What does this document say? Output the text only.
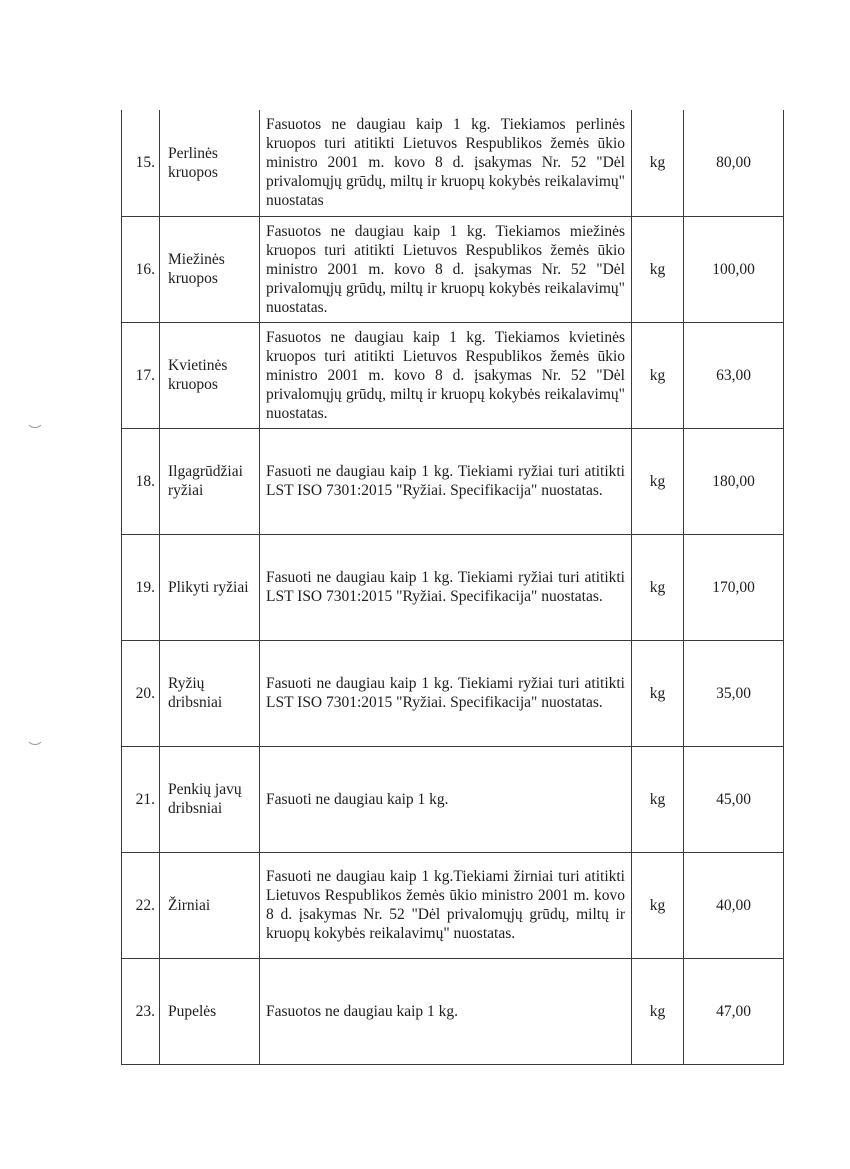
15.	Perlinės kruopos	Fasuotos ne daugiau kaip 1 kg. Tiekiamos perlinės kruopos turi atitikti Lietuvos Respublikos žemės ūkio ministro 2001 m. kovo 8 d. įsakymas Nr. 52 "Dėl privalomųjų grūdų, miltų ir kruopų kokybės reikalavimų" nuostatas	kg	80,00
16.	Miežinės kruopos	Fasuotos ne daugiau kaip 1 kg. Tiekiamos miežinės kruopos turi atitikti Lietuvos Respublikos žemės ūkio ministro 2001 m. kovo 8 d. įsakymas Nr. 52 "Dėl privalomųjų grūdų, miltų ir kruopų kokybės reikalavimų" nuostatas.	kg	100,00
17.	Kvietinės kruopos	Fasuotos ne daugiau kaip 1 kg. Tiekiamos kvietinės kruopos turi atitikti Lietuvos Respublikos žemės ūkio ministro 2001 m. kovo 8 d. įsakymas Nr. 52 "Dėl privalomųjų grūdų, miltų ir kruopų kokybės reikalavimų" nuostatas.	kg	63,00
18.	Ilgagrūdžiai ryžiai	Fasuoti ne daugiau kaip 1 kg. Tiekiami ryžiai turi atitikti LST ISO 7301:2015 "Ryžiai. Specifikacija" nuostatas.	kg	180,00
19.	Plikyti ryžiai	Fasuoti ne daugiau kaip 1 kg. Tiekiami ryžiai turi atitikti LST ISO 7301:2015 "Ryžiai. Specifikacija" nuostatas.	kg	170,00
20.	Ryžių dribsniai	Fasuoti ne daugiau kaip 1 kg. Tiekiami ryžiai turi atitikti LST ISO 7301:2015 "Ryžiai. Specifikacija" nuostatas.	kg	35,00
21.	Penkių javų dribsniai	Fasuoti ne daugiau kaip 1 kg.	kg	45,00
22.	Žirniai	Fasuoti ne daugiau kaip 1 kg.Tiekiami žirniai turi atitikti Lietuvos Respublikos žemės ūkio ministro 2001 m. kovo 8 d. įsakymas Nr. 52 "Dėl privalomųjų grūdų, miltų ir kruopų kokybės reikalavimų" nuostatas.	kg	40,00
23.	Pupelės	Fasuotos ne daugiau kaip 1 kg.	kg	47,00
